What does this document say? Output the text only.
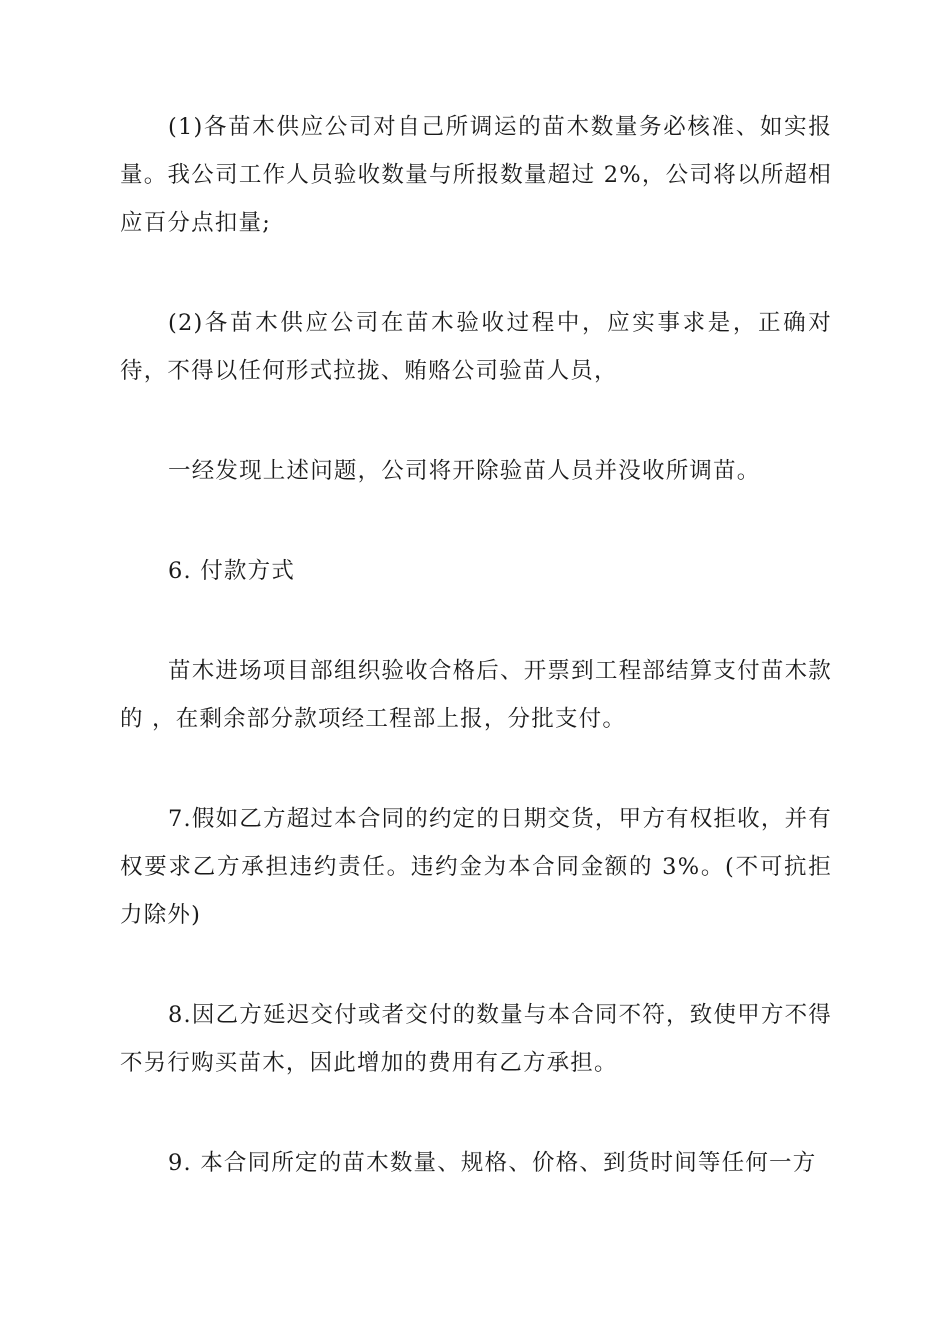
(1)各苗木供应公司对自己所调运的苗木数量务必核准、如实报量。我公司工作人员验收数量与所报数量超过 2%，公司将以所超相应百分点扣量;

(2)各苗木供应公司在苗木验收过程中，应实事求是，正确对待，不得以任何形式拉拢、贿赂公司验苗人员，

一经发现上述问题，公司将开除验苗人员并没收所调苗。

6. 付款方式

苗木进场项目部组织验收合格后、开票到工程部结算支付苗木款的 ，在剩余部分款项经工程部上报，分批支付。

7.假如乙方超过本合同的约定的日期交货，甲方有权拒收，并有权要求乙方承担违约责任。违约金为本合同金额的 3%。(不可抗拒力除外)

8.因乙方延迟交付或者交付的数量与本合同不符，致使甲方不得不另行购买苗木，因此增加的费用有乙方承担。

9. 本合同所定的苗木数量、规格、价格、到货时间等任何一方
